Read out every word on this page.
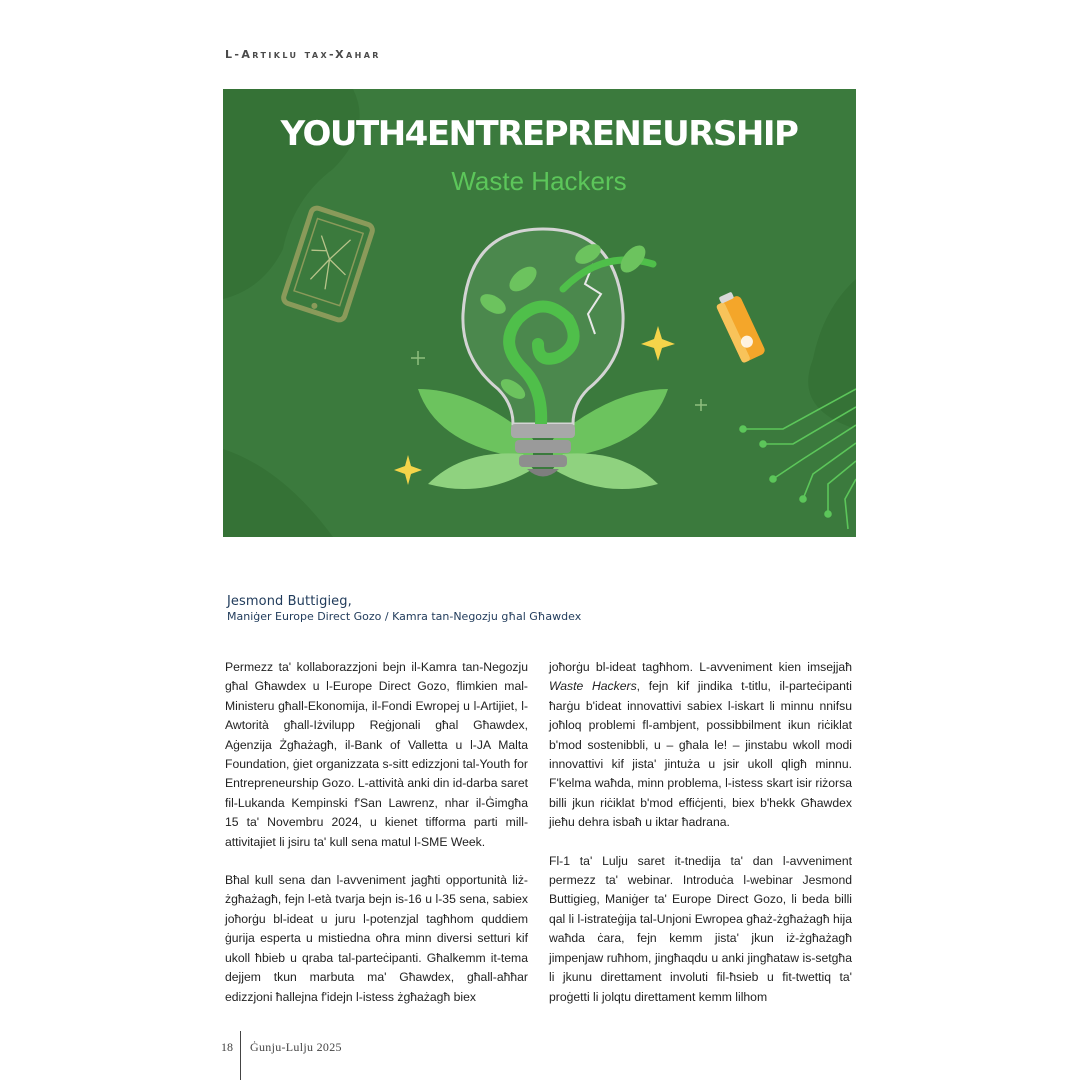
L-Artiklu tax-Xahar
YOUTH4ENTREPRENEURSHIP
Waste Hackers
Jesmond Buttigieg,
Maniġer Europe Direct Gozo / Kamra tan-Negozju għal Għawdex

Permezz ta' kollaborazzjoni bejn il-Kamra tan-Negozju għal Għawdex u l-Europe Direct Gozo, flimkien mal-Ministeru għall-Ekonomija, il-Fondi Ewropej u l-Artijiet, l-Awtorità għall-Iżvilupp Reġjonali għal Għawdex, Aġenzija Żgħażagħ, il-Bank of Valletta u l-JA Malta Foundation, ġiet organizzata s-sitt edizzjoni tal-Youth for Entrepreneurship Gozo. L-attività anki din id-darba saret fil-Lukanda Kempinski f'San Lawrenz, nhar il-Ġimgħa 15 ta' Novembru 2024, u kienet tifforma parti mill-attivitajiet li jsiru ta' kull sena matul l-SME Week.

Bħal kull sena dan l-avveniment jagħti opportunità liż-żgħażagħ, fejn l-età tvarja bejn is-16 u l-35 sena, sabiex joħorġu bl-ideat u juru l-potenzjal tagħhom quddiem ġurija esperta u mistiedna oħra minn diversi setturi kif ukoll ħbieb u qraba tal-parteċipanti. Għalkemm it-tema dejjem tkun marbuta ma' Għawdex, għall-aħħar edizzjoni ħallejna f'idejn l-istess żgħażagħ biex

joħorġu bl-ideat tagħhom. L-avveniment kien imsejjaħ Waste Hackers, fejn kif jindika t-titlu, il-parteċipanti ħarġu b'ideat innovattivi sabiex l-iskart li minnu nnifsu joħloq problemi fl-ambjent, possibbilment ikun riċiklat b'mod sostenibbli, u – għala le! – jinstabu wkoll modi innovattivi kif jista' jintuża u jsir ukoll qligħ minnu. F'kelma waħda, minn problema, l-istess skart isir riżorsa billi jkun riċiklat b'mod effiċjenti, biex b'hekk Għawdex jieħu dehra isbaħ u iktar ħadrana.

Fl-1 ta' Lulju saret it-tnedija ta' dan l-avveniment permezz ta' webinar. Introduċa l-webinar Jesmond Buttigieg, Maniġer ta' Europe Direct Gozo, li beda billi qal li l-istrateġija tal-Unjoni Ewropea għaż-żgħażagħ hija waħda ċara, fejn kemm jista' jkun iż-żgħażagħ jimpenjaw ruħhom, jingħaqdu u anki jingħataw is-setgħa li jkunu direttament involuti fil-ħsieb u fit-twettiq ta' proġetti li jolqtu direttament kemm lilhom

18 Ġunju-Lulju 2025
